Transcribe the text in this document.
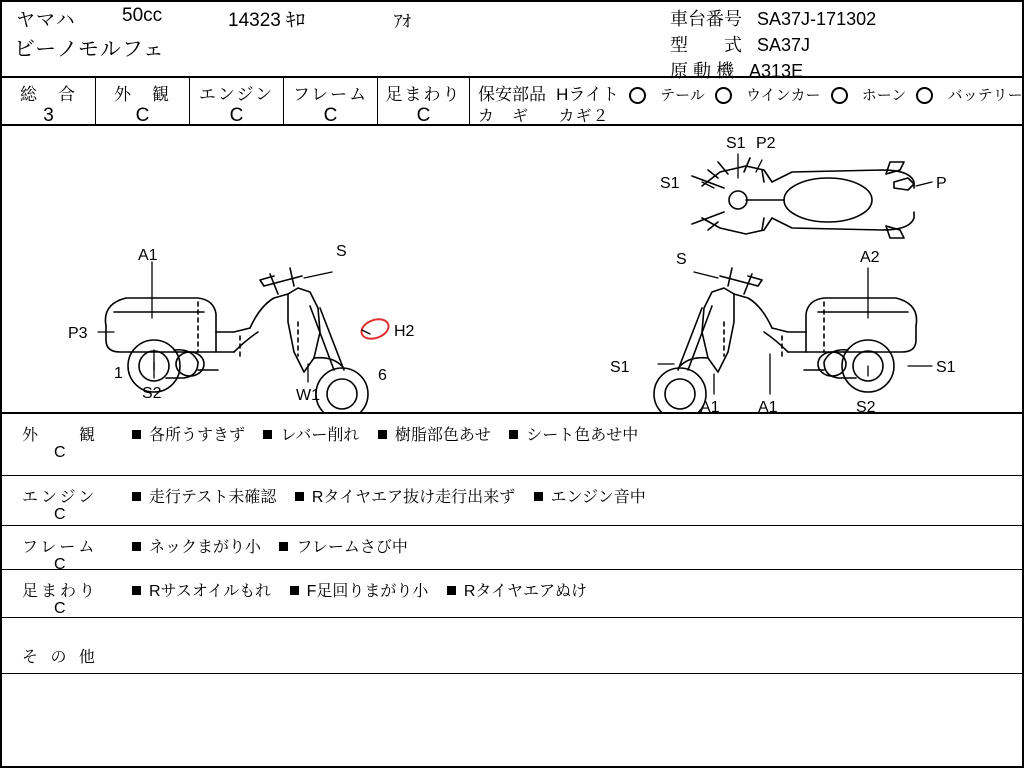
ヤマハ 50cc	14323 ｷﾛ	ｱｵ
ビーノモルフェ
車台番号 SA37J-171302
型　　式 SA37J
原 動 機 A313E
総　合
3
外　観
C
エンジン
C
フレーム
C
足まわり
C
保安部品 Hライト	テール	ウインカー	ホーン	バッテリー
カ　ギ カギ２
S1 P2
S1	P
A1	S
P3
1
S2	W1
H2
6
S	A2
S1	S1
A1 A1	S2
外　　観
C
各所うすきず レバー削れ 樹脂部色あせ シート色あせ中
エンジン
C
走行テスト未確認 Rタイヤエア抜け走行出来ず エンジン音中
フレーム
C
ネックまがり小 フレームさび中
足まわり
C
Rサスオイルもれ F足回りまがり小 Rタイヤエアぬけ
そ の 他
